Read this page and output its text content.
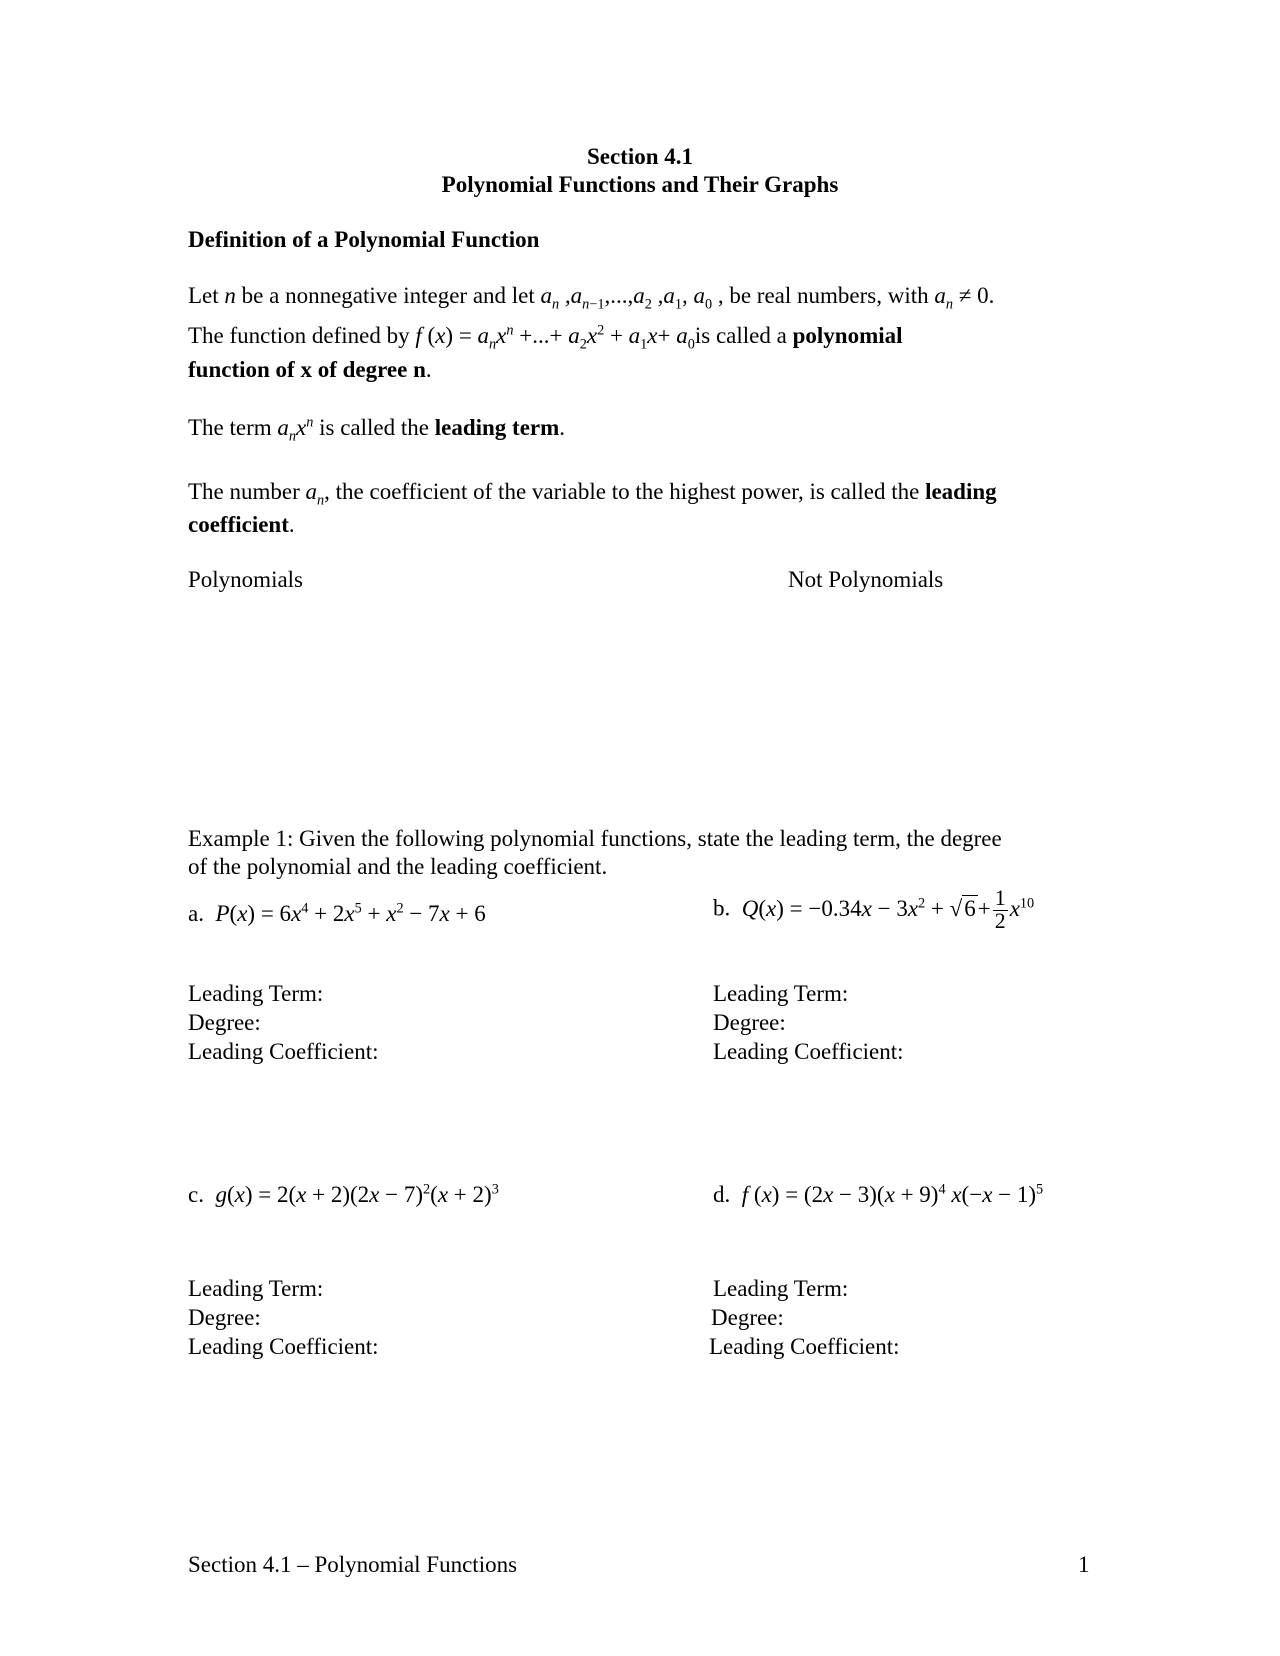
Section 4.1
Polynomial Functions and Their Graphs
Definition of a Polynomial Function
Let n be a nonnegative integer and let $a_n$ $,a_{n-1},...,a_2$ $,a_1$, $a_0$ , be real numbers, with $a_n \ne 0$.
The function defined by f $(x) = a_nx^n$ +...+ $a_2x^2 + a_1x+ a_0is$ called a polynomial
function of x of degree n.
The term $a_nx^n$ is called the leading term.
The number $a_n$, the coefficient of the variable to the highest power, is called the leading
coefficient.
Polynomials	Not Polynomials
Example 1: Given the following polynomial functions, state the leading term, the degree
of the polynomial and the leading coefficient.
a. $P(x) = 6x^4 + 2x^5 + x^2 - 7x + 6$	b. $Q(x) = -0.34x - 3x^2 + √6+ \frac{1}{2} x^{10}$
Leading Term:
Degree:
Leading Coefficient:
Leading Term:
Degree:
Leading Coefficient:
c. $g(x) = 2(x + 2)(2x - 7)^2(x + 2)^3$	d. f $(x) = (2x - 3)(x + 9)^4$ $x(-x - 1)^5$
Leading Term:
Degree:
Leading Coefficient:
Leading Term:
Degree:
Leading Coefficient:
Section 4.1 – Polynomial Functions	1
